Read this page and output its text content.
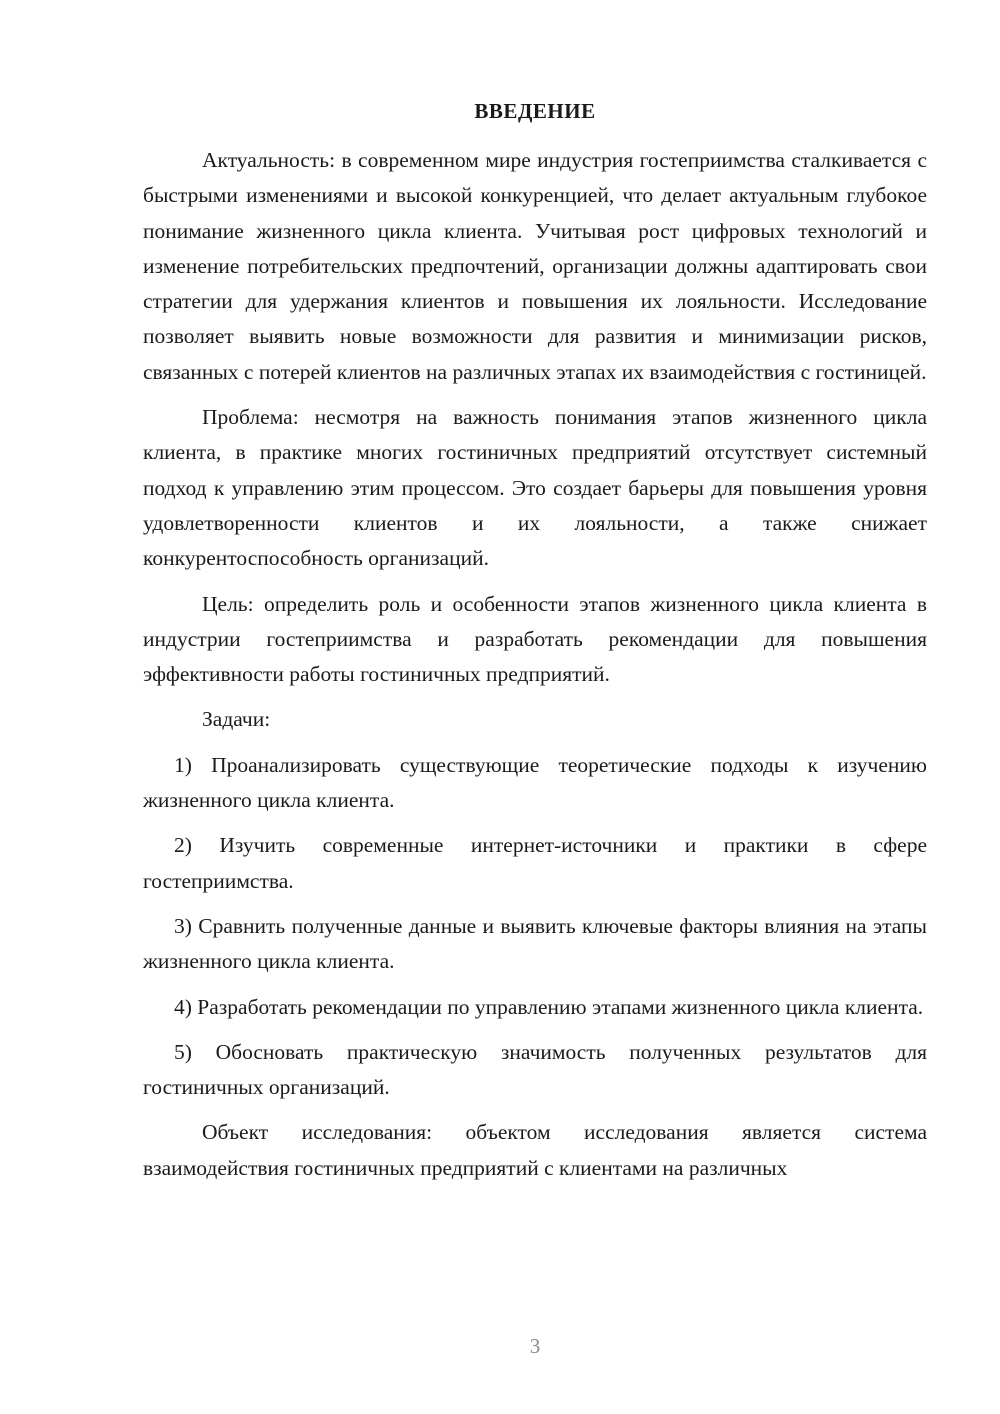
ВВЕДЕНИЕ

Актуальность: в современном мире индустрия гостеприимства сталкивается с быстрыми изменениями и высокой конкуренцией, что делает актуальным глубокое понимание жизненного цикла клиента. Учитывая рост цифровых технологий и изменение потребительских предпочтений, организации должны адаптировать свои стратегии для удержания клиентов и повышения их лояльности. Исследование позволяет выявить новые возможности для развития и минимизации рисков, связанных с потерей клиентов на различных этапах их взаимодействия с гостиницей.

Проблема: несмотря на важность понимания этапов жизненного цикла клиента, в практике многих гостиничных предприятий отсутствует системный подход к управлению этим процессом. Это создает барьеры для повышения уровня удовлетворенности клиентов и их лояльности, а также снижает конкурентоспособность организаций.

Цель: определить роль и особенности этапов жизненного цикла клиента в индустрии гостеприимства и разработать рекомендации для повышения эффективности работы гостиничных предприятий.

Задачи:

1) Проанализировать существующие теоретические подходы к изучению жизненного цикла клиента.

2) Изучить современные интернет-источники и практики в сфере гостеприимства.

3) Сравнить полученные данные и выявить ключевые факторы влияния на этапы жизненного цикла клиента.

4) Разработать рекомендации по управлению этапами жизненного цикла клиента.

5) Обосновать практическую значимость полученных результатов для гостиничных организаций.

Объект исследования: объектом исследования является система взаимодействия гостиничных предприятий с клиентами на различных

3
